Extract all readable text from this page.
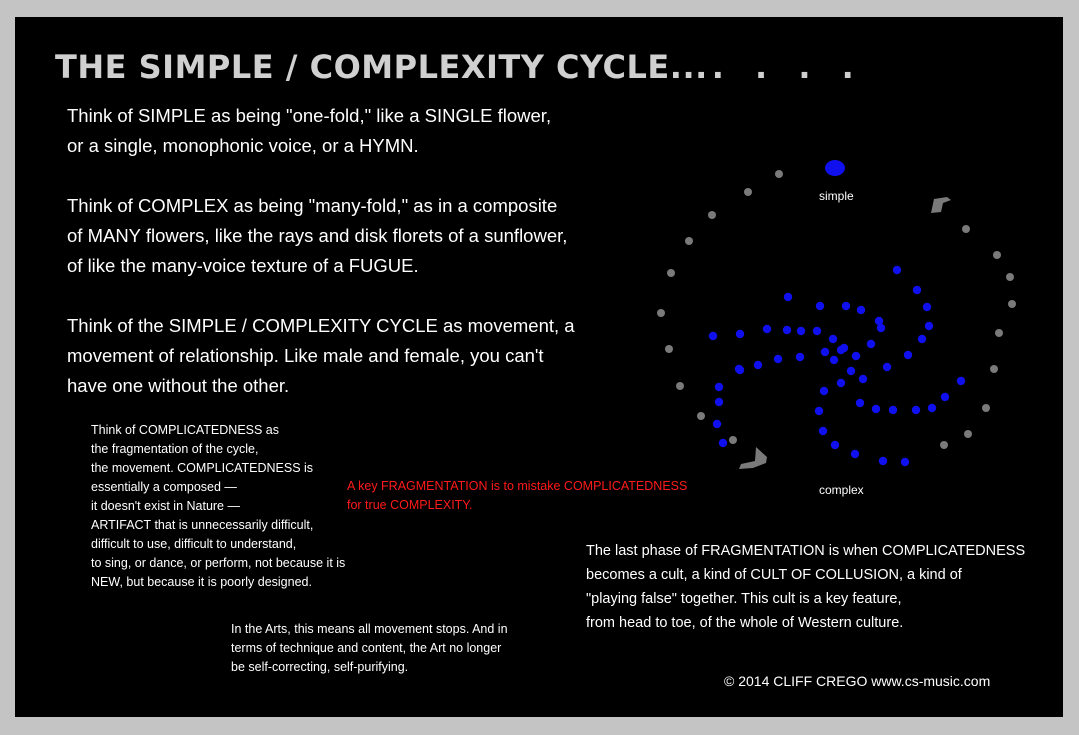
THE SIMPLE / COMPLEXITY CYCLE... . . . .
Think of SIMPLE as being "one-fold," like a SINGLE flower,
or a single, monophonic voice, or a HYMN.
Think of COMPLEX as being "many-fold," as in a composite
of MANY flowers, like the rays and disk florets of a sunflower,
of like the many-voice texture of a FUGUE.
Think of the SIMPLE / COMPLEXITY CYCLE as movement, a
movement of relationship. Like male and female, you can't
have one without the other.
Think of COMPLICATEDNESS as
the fragmentation of the cycle,
the movement. COMPLICATEDNESS is
essentially a composed —
it doesn't exist in Nature —
ARTIFACT that is unnecessarily difficult,
difficult to use, difficult to understand,
to sing, or dance, or perform, not because it is
NEW, but because it is poorly designed.
A key FRAGMENTATION is to mistake COMPLICATEDNESS
for true COMPLEXITY.
In the Arts, this means all movement stops. And in
terms of technique and content, the Art no longer
be self-correcting, self-purifying.
The last phase of FRAGMENTATION is when COMPLICATEDNESS
becomes a cult, a kind of CULT OF COLLUSION, a kind of
"playing false" together. This cult is a key feature,
from head to toe, of the whole of Western culture.
© 2014 CLIFF CREGO www.cs-music.com
simple
complex
